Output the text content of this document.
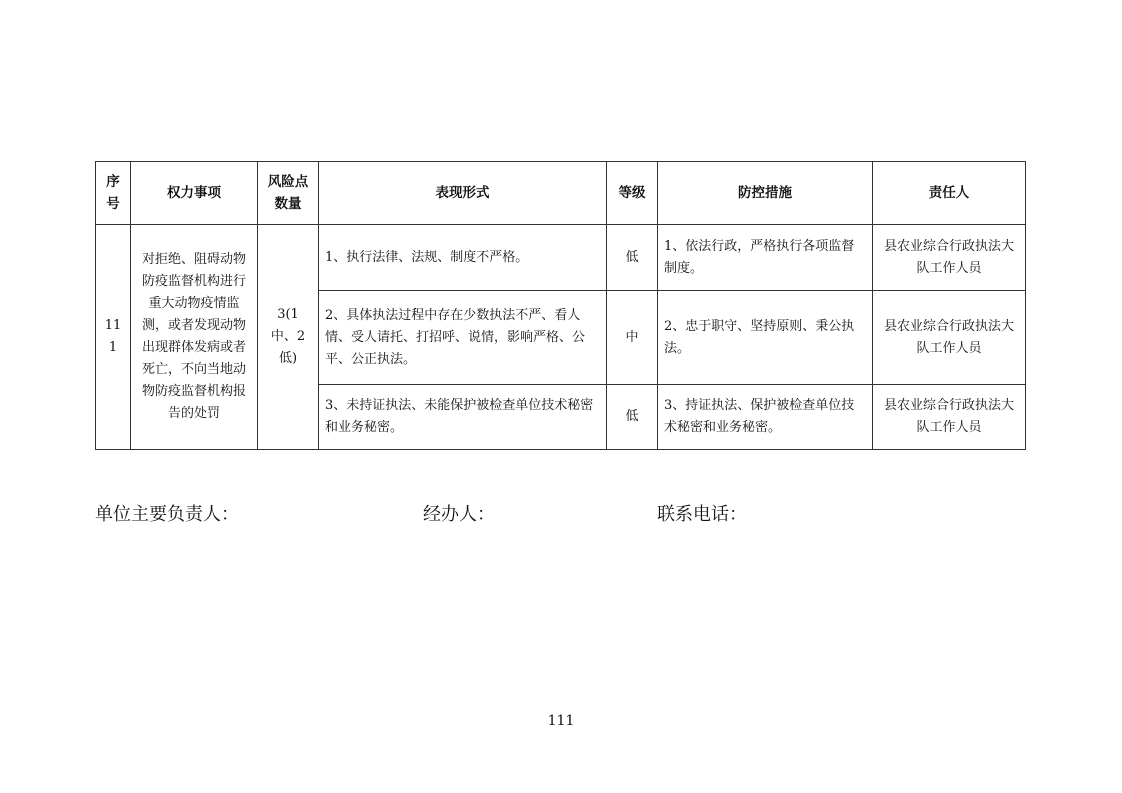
序号	权力事项	风险点数量	表现形式	等级	防控措施	责任人
111	对拒绝、阻碍动物防疫监督机构进行重大动物疫情监测，或者发现动物出现群体发病或者死亡，不向当地动物防疫监督机构报告的处罚	3(1 中、2 低)	1、执行法律、法规、制度不严格。	低	1、依法行政，严格执行各项监督制度。	县农业综合行政执法大队工作人员
			2、具体执法过程中存在少数执法不严、看人情、受人请托、打招呼、说情，影响严格、公平、公正执法。	中	2、忠于职守、坚持原则、秉公执法。	县农业综合行政执法大队工作人员
			3、未持证执法、未能保护被检查单位技术秘密和业务秘密。	低	3、持证执法、保护被检查单位技术秘密和业务秘密。	县农业综合行政执法大队工作人员
单位主要负责人：	经办人：	联系电话：
111
